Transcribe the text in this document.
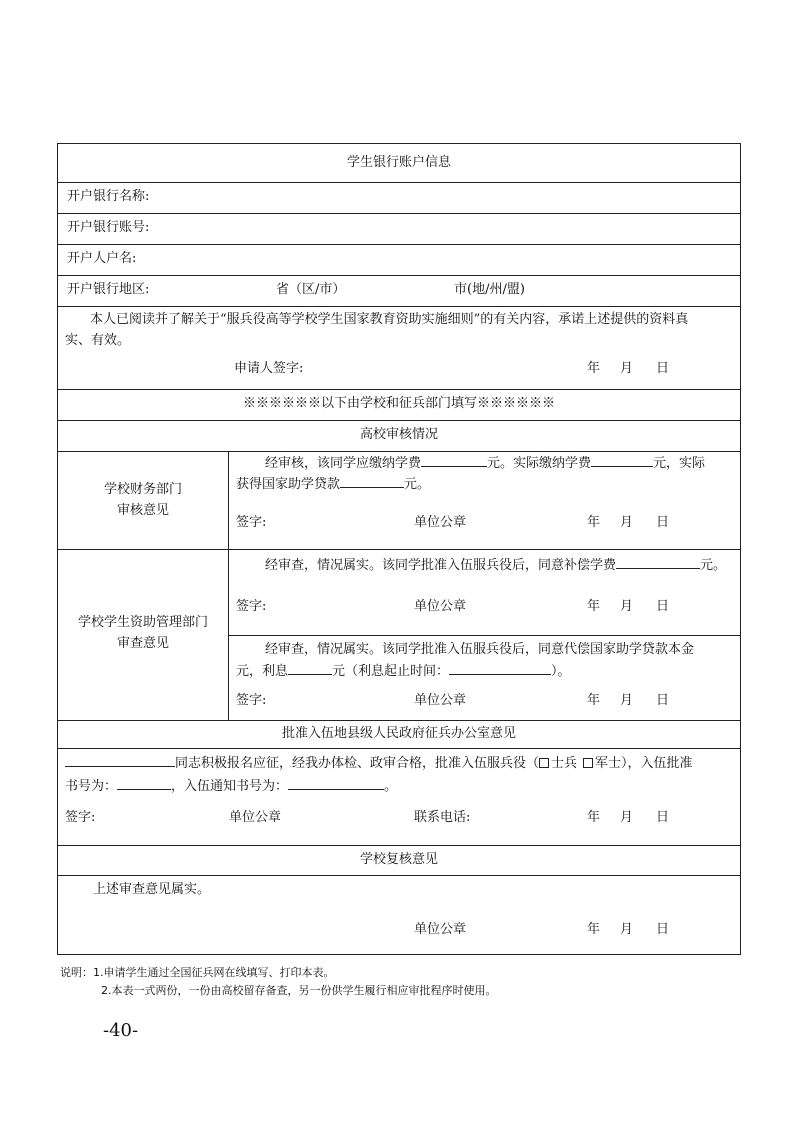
学生银行账户信息
开户银行名称:
开户银行账号:
开户人户名:
开户银行地区:	省（区/市）	市(地/州/盟)
本人已阅读并了解关于“服兵役高等学校学生国家教育资助实施细则”的有关内容，承诺上述提供的资料真
实、有效。
申请人签字:	年 月 日
※※※※※※以下由学校和征兵部门填写※※※※※※
高校审核情况
学校财务部门
审核意见
经审核，该同学应缴纳学费	元。实际缴纳学费	元，实际
获得国家助学贷款	元。
签字:	单位公章	年 月 日
学校学生资助管理部门
审查意见
经审查，情况属实。该同学批准入伍服兵役后，同意补偿学费	元。
签字:	单位公章	年 月 日
经审查，情况属实。该同学批准入伍服兵役后，同意代偿国家助学贷款本金
元，利息	元（利息起止时间：	）。
签字:	单位公章	年 月 日
批准入伍地县级人民政府征兵办公室意见
同志积极报名应征，经我办体检、政审合格，批准入伍服兵役（ 士兵 军士），入伍批准
书号为：	，入伍通知书号为：	。
签字:	单位公章	联系电话:	年 月 日
学校复核意见
上述审查意见属实。
单位公章	年 月 日
说明：1.申请学生通过全国征兵网在线填写、打印本表。
2.本表一式两份，一份由高校留存备查，另一份供学生履行相应审批程序时使用。
-40-
